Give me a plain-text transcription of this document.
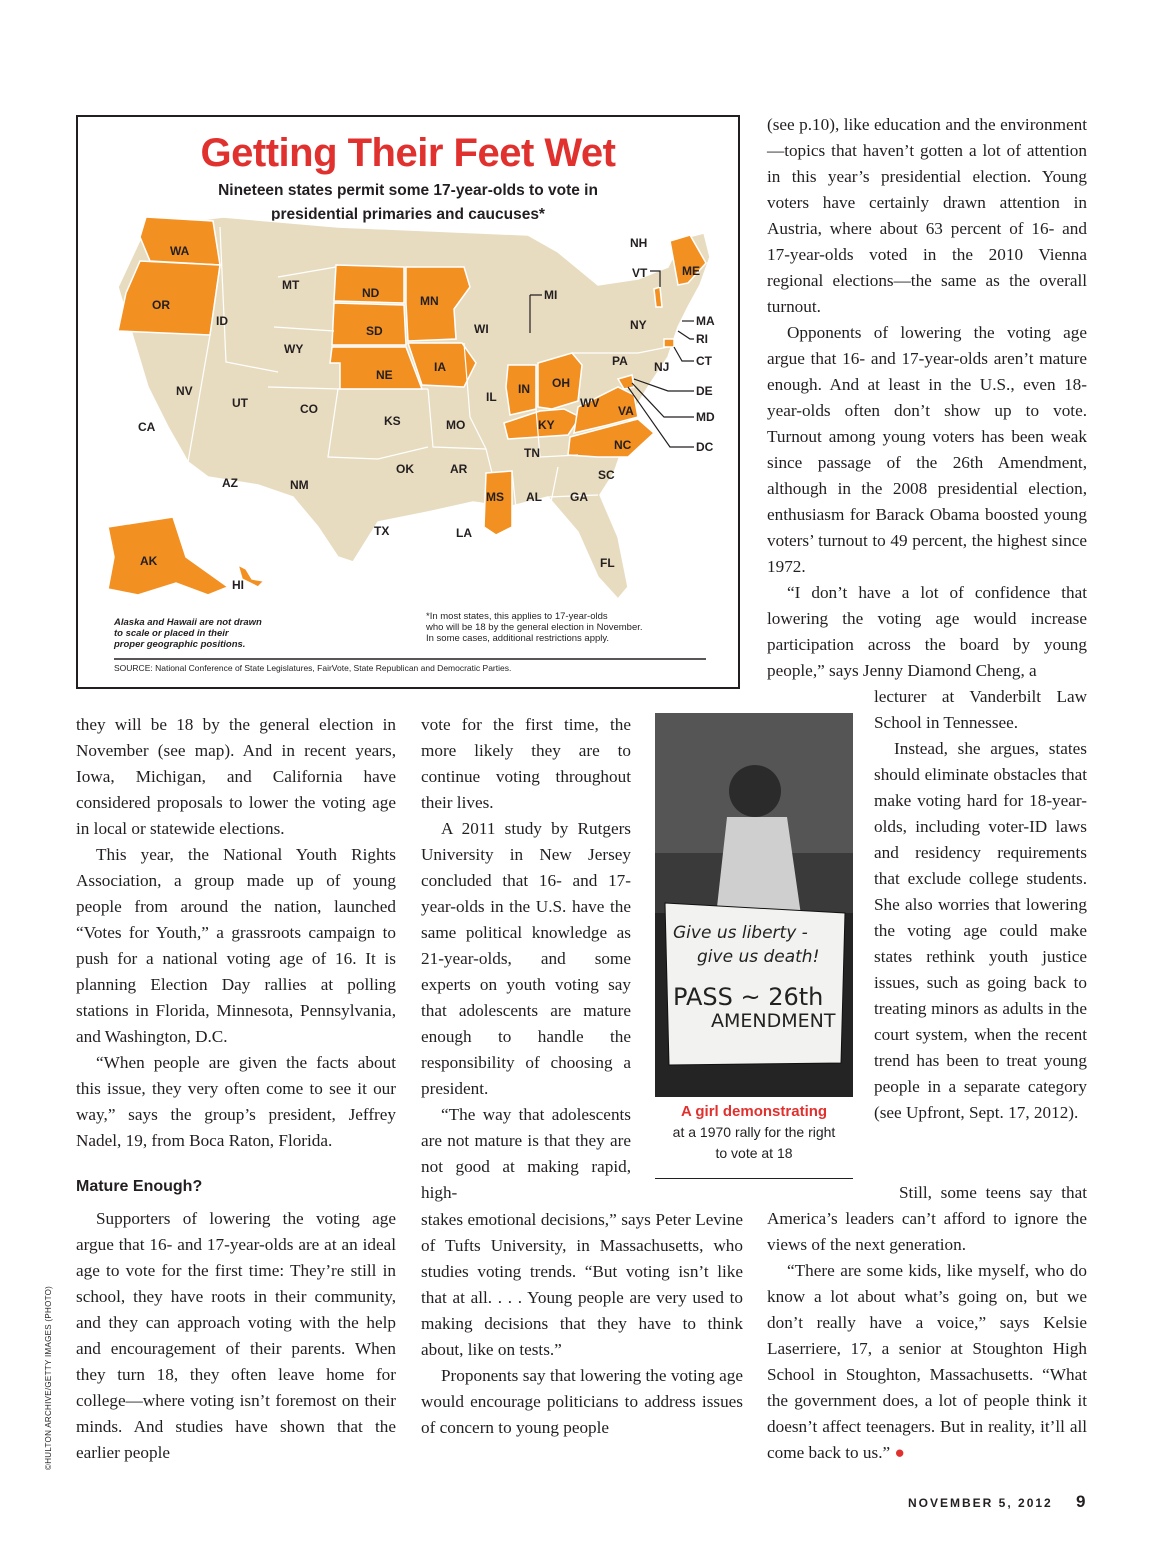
Getting Their Feet Wet
Nineteen states permit some 17-year-olds to vote in
presidential primaries and caucuses*
WA
OR
ID
MT
WY
NV
UT	CO
CA
AZ	NM
ND
SD
NE
KS
OK
TX
MN
IA
MO
AR
LA
WI
IL
MI
IN OH
KY
TN
MS AL GA
FL
SC
NC
VA
WV
PA
NY
NJ
NH
VT	ME
MA
RI
CT
DE
MD
DC
AK
HI
Alaska and Hawaii are not drawn
to scale or placed in their
proper geographic positions.
*In most states, this applies to 17-year-olds
who will be 18 by the general election in November.
In some cases, additional restrictions apply.
SOURCE: National Conference of State Legislatures, FairVote, State Republican and Democratic Parties.

they will be 18 by the general election in November (see map). And in recent years, Iowa, Michigan, and California have considered proposals to lower the voting age in local or statewide elections.

This year, the National Youth Rights Association, a group made up of young people from around the nation, launched “Votes for Youth,” a grassroots campaign to push for a national voting age of 16. It is planning Election Day rallies at polling stations in Florida, Minnesota, Pennsylvania, and Washington, D.C.

“When people are given the facts about this issue, they very often come to see it our way,” says the group’s president, Jeffrey Nadel, 19, from Boca Raton, Florida.

Mature Enough?

Supporters of lowering the voting age argue that 16- and 17-year-olds are at an ideal age to vote for the first time: They’re still in school, they have roots in their community, and they can approach voting with the help and encouragement of their parents. When they turn 18, they often leave home for college—where voting isn’t foremost on their minds. And studies have shown that the earlier people

vote for the first time, the more likely they are to continue voting throughout their lives.

A 2011 study by Rutgers University in New Jersey concluded that 16- and 17-year-olds in the U.S. have the same political knowledge as 21-year-olds, and some experts on youth voting say that adolescents are mature enough to handle the responsibility of choosing a president.

“The way that adolescents are not mature is that they are not good at making rapid, high-

stakes emotional decisions,” says Peter Levine of Tufts University, in Massachusetts, who studies voting trends. “But voting isn’t like that at all. . . . Young people are very used to making decisions that they have to think about, like on tests.”

Proponents say that lowering the voting age would encourage politicians to address issues of concern to young people

Give us liberty -
give us death!
PASS ~ 26th
AMENDMENT
A girl demonstrating
at a 1970 rally for the right
to vote at 18

(see p.10), like education and the environment—topics that haven’t gotten a lot of attention in this year’s presidential election. Young voters have certainly drawn attention in Austria, where about 63 percent of 16- and 17-year-olds voted in the 2010 Vienna regional elections—the same as the overall turnout.

Opponents of lowering the voting age argue that 16- and 17-year-olds aren’t mature enough. And at least in the U.S., even 18-year-olds often don’t show up to vote. Turnout among young voters has been weak since passage of the 26th Amendment, although in the 2008 presidential election, enthusiasm for Barack Obama boosted young voters’ turnout to 49 percent, the highest since 1972.

“I don’t have a lot of confidence that lowering the voting age would increase participation across the board by young people,” says Jenny Diamond Cheng, a

lecturer at Vanderbilt Law School in Tennessee.

Instead, she argues, states should eliminate obstacles that make voting hard for 18-year-olds, including voter-ID laws and residency requirements that exclude college students. She also worries that lowering the voting age could make states rethink youth justice issues, such as going back to treating minors as adults in the court system, when the recent trend has been to treat young people in a separate category (see Upfront, Sept. 17, 2012).

Still, some teens say that America’s leaders can’t afford to ignore the views of the next generation.

“There are some kids, like myself, who do know a lot about what’s going on, but we don’t really have a voice,” says Kelsie Laserriere, 17, a senior at Stoughton High School in Stoughton, Massachusetts. “What the government does, a lot of people think it doesn’t affect teenagers. But in reality, it’ll all come back to us.” ●

©HULTON ARCHIVE/GETTY IMAGES (PHOTO)
NOVEMBER 5, 2012 9
